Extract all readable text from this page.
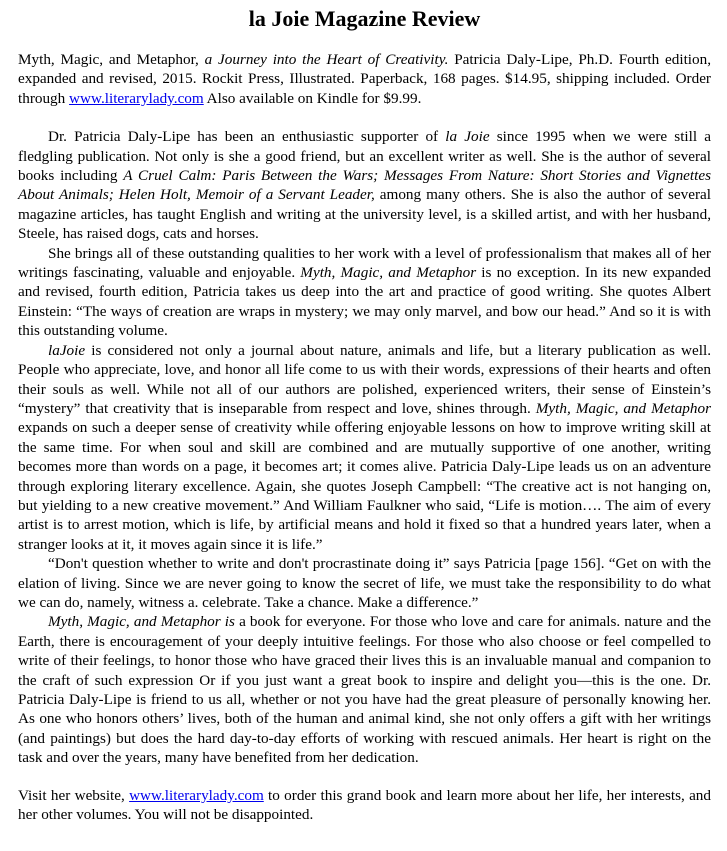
la Joie Magazine Review

Myth, Magic, and Metaphor, a Journey into the Heart of Creativity. Patricia Daly-Lipe, Ph.D. Fourth edition, expanded and revised, 2015. Rockit Press, Illustrated. Paperback, 168 pages. $14.95, shipping included. Order through www.literarylady.com Also available on Kindle for $9.99.

Dr. Patricia Daly-Lipe has been an enthusiastic supporter of la Joie since 1995 when we were still a fledgling publication. Not only is she a good friend, but an excellent writer as well. She is the author of several books including A Cruel Calm: Paris Between the Wars; Messages From Nature: Short Stories and Vignettes About Animals; Helen Holt, Memoir of a Servant Leader, among many others. She is also the author of several magazine articles, has taught English and writing at the university level, is a skilled artist, and with her husband, Steele, has raised dogs, cats and horses.

She brings all of these outstanding qualities to her work with a level of professionalism that makes all of her writings fascinating, valuable and enjoyable. Myth, Magic, and Metaphor is no exception. In its new expanded and revised, fourth edition, Patricia takes us deep into the art and practice of good writing. She quotes Albert Einstein: “The ways of creation are wraps in mystery; we may only marvel, and bow our head.” And so it is with this outstanding volume.

laJoie is considered not only a journal about nature, animals and life, but a literary publication as well. People who appreciate, love, and honor all life come to us with their words, expressions of their hearts and often their souls as well. While not all of our authors are polished, experienced writers, their sense of Einstein’s “mystery” that creativity that is inseparable from respect and love, shines through. Myth, Magic, and Metaphor expands on such a deeper sense of creativity while offering enjoyable lessons on how to improve writing skill at the same time. For when soul and skill are combined and are mutually supportive of one another, writing becomes more than words on a page, it becomes art; it comes alive. Patricia Daly-Lipe leads us on an adventure through exploring literary excellence. Again, she quotes Joseph Campbell: “The creative act is not hanging on, but yielding to a new creative movement.” And William Faulkner who said, “Life is motion…. The aim of every artist is to arrest motion, which is life, by artificial means and hold it fixed so that a hundred years later, when a stranger looks at it, it moves again since it is life.”

“Don't question whether to write and don't procrastinate doing it” says Patricia [page 156]. “Get on with the elation of living. Since we are never going to know the secret of life, we must take the responsibility to do what we can do, namely, witness a. celebrate. Take a chance. Make a difference.”

Myth, Magic, and Metaphor is a book for everyone. For those who love and care for animals. nature and the Earth, there is encouragement of your deeply intuitive feelings. For those who also choose or feel compelled to write of their feelings, to honor those who have graced their lives this is an invaluable manual and companion to the craft of such expression Or if you just want a great book to inspire and delight you—this is the one. Dr. Patricia Daly-Lipe is friend to us all, whether or not you have had the great pleasure of personally knowing her. As one who honors others’ lives, both of the human and animal kind, she not only offers a gift with her writings (and paintings) but does the hard day-to-day efforts of working with rescued animals. Her heart is right on the task and over the years, many have benefited from her dedication.

Visit her website, www.literarylady.com to order this grand book and learn more about her life, her interests, and her other volumes. You will not be disappointed.
